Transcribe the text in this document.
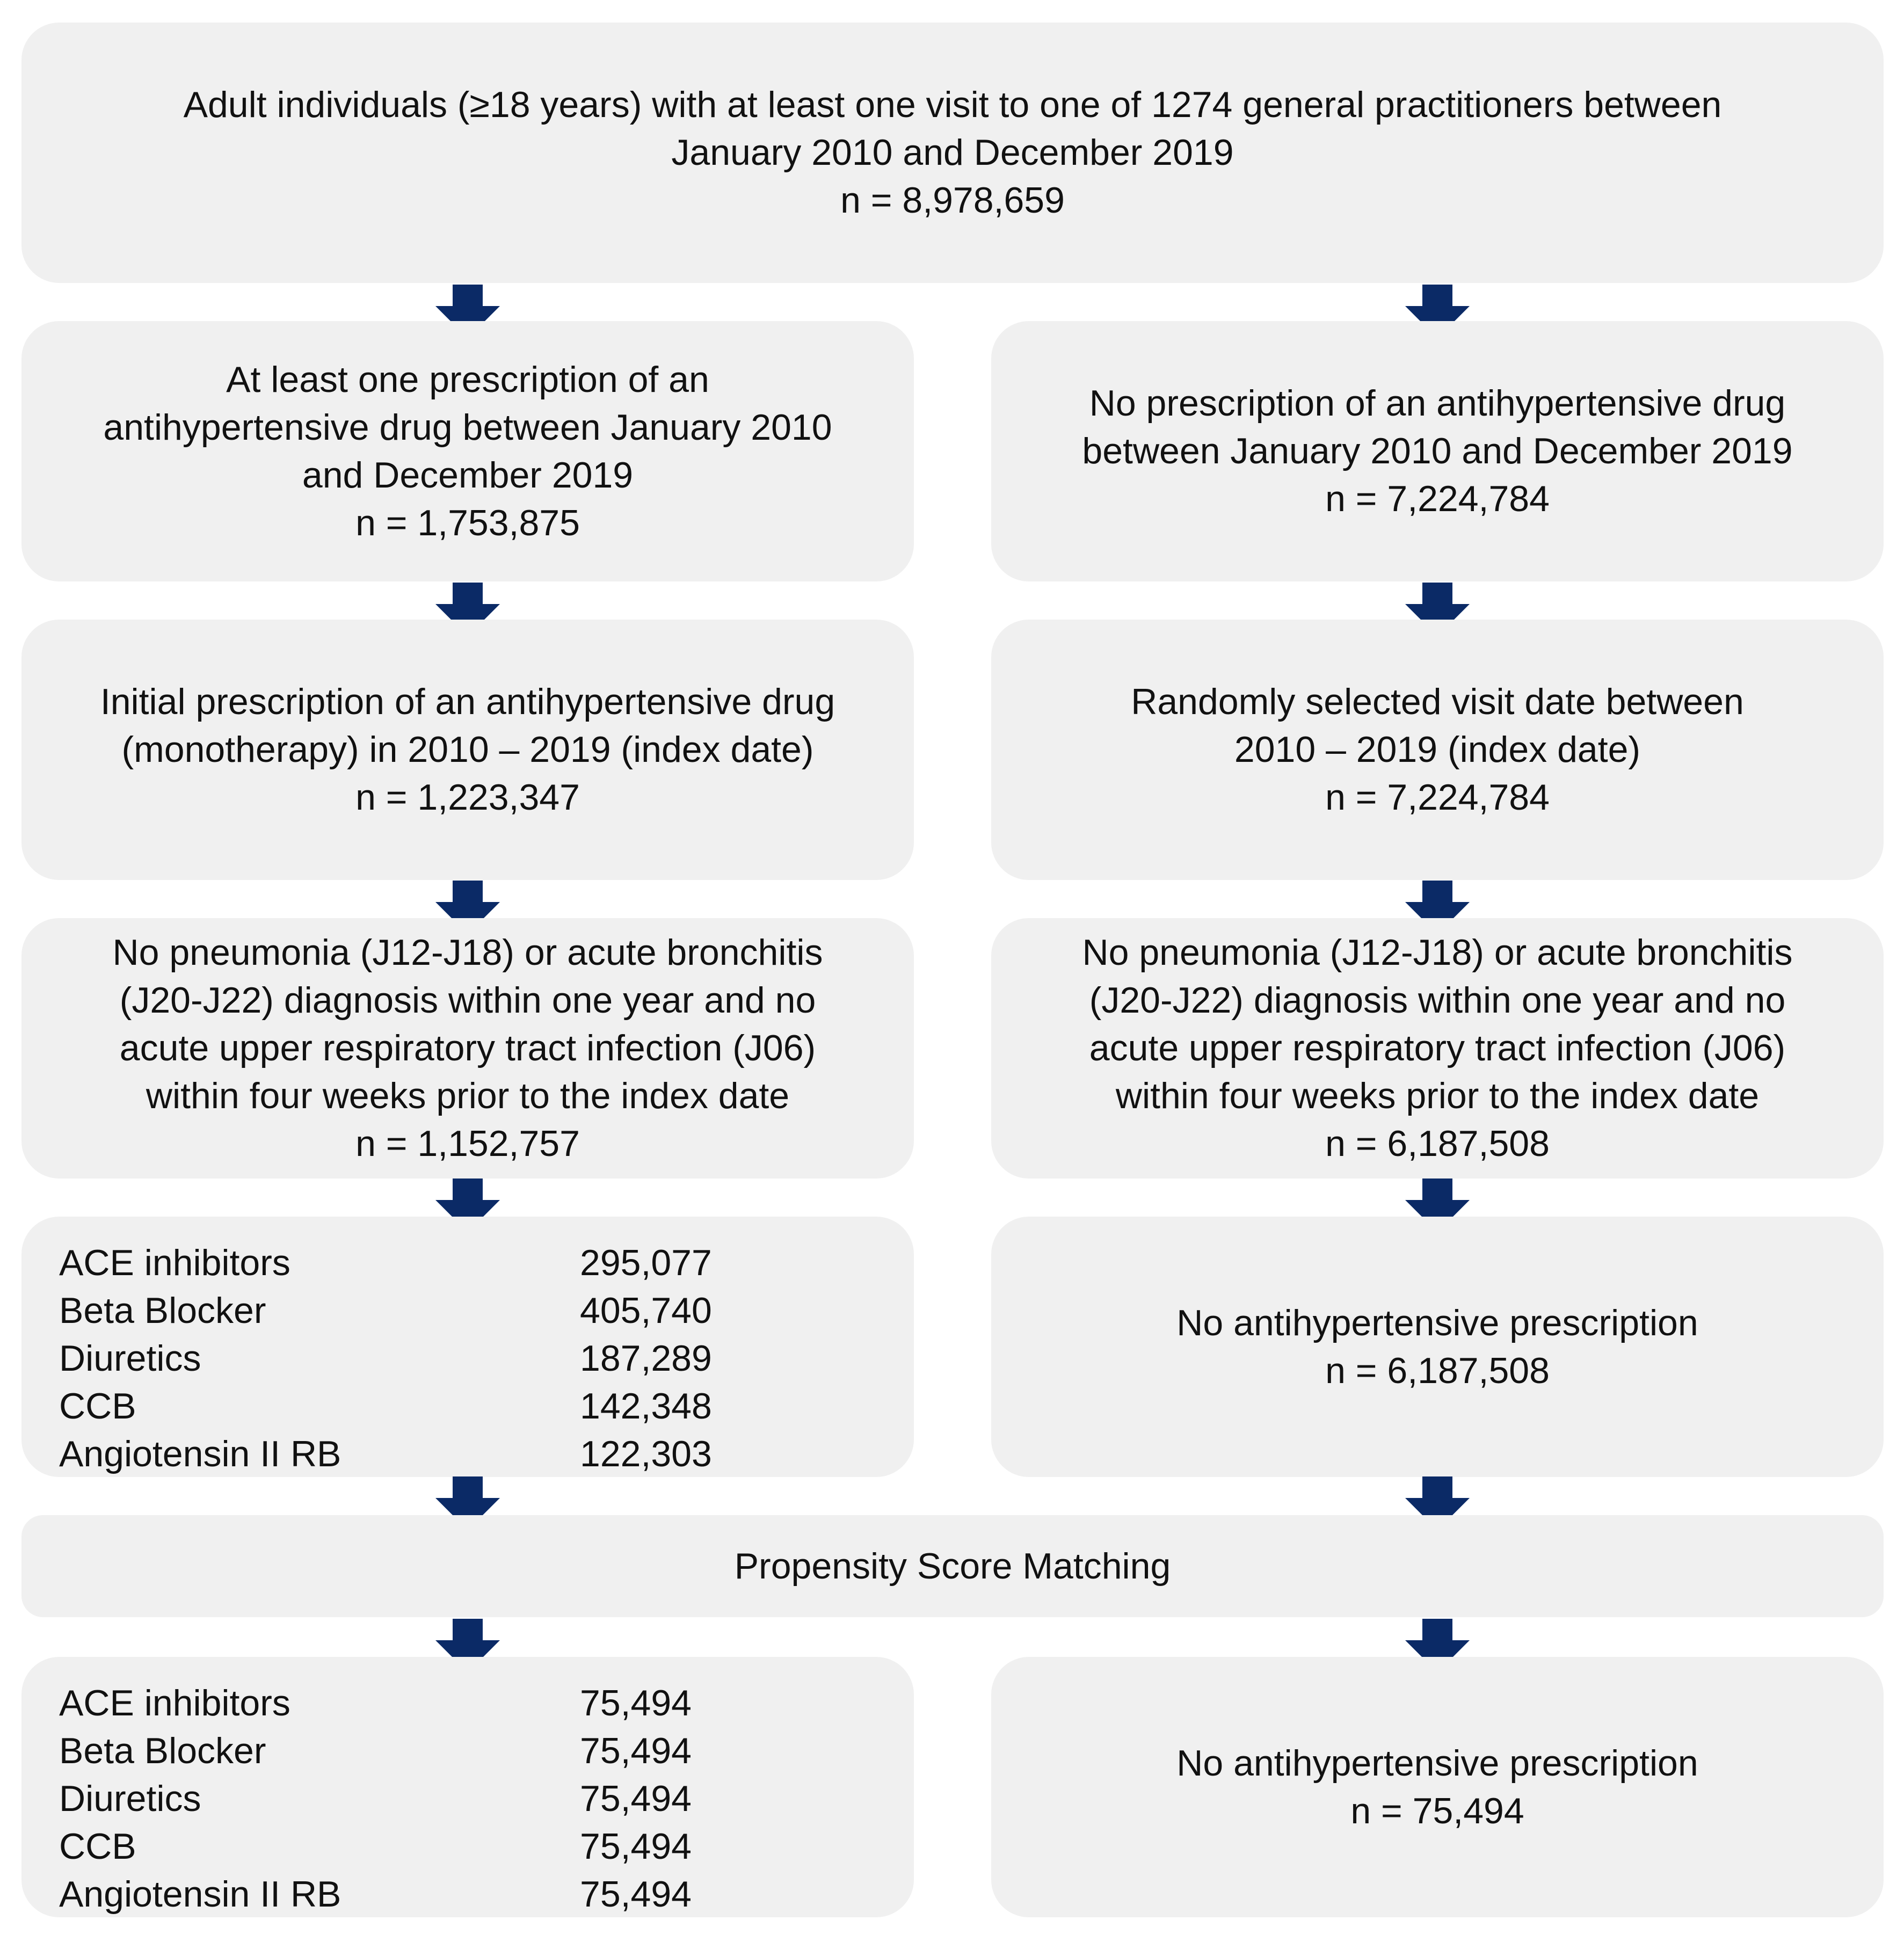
Adult individuals (≥18 years) with at least one visit to one of 1274 general practitioners between
January 2010 and December 2019
n = 8,978,659
At least one prescription of an
antihypertensive drug between January 2010
and December 2019
n = 1,753,875
No prescription of an antihypertensive drug
between January 2010 and December 2019
n = 7,224,784
Initial prescription of an antihypertensive drug
(monotherapy) in 2010 – 2019 (index date)
n = 1,223,347
Randomly selected visit date between
2010 – 2019 (index date)
n = 7,224,784
No pneumonia (J12-J18) or acute bronchitis
(J20-J22) diagnosis within one year and no
acute upper respiratory tract infection (J06)
within four weeks prior to the index date
n = 1,152,757
No pneumonia (J12-J18) or acute bronchitis
(J20-J22) diagnosis within one year and no
acute upper respiratory tract infection (J06)
within four weeks prior to the index date
n = 6,187,508
ACE inhibitors	295,077
Beta Blocker	405,740
Diuretics	187,289
CCB	142,348
Angiotensin II RB	122,303
No antihypertensive prescription
n = 6,187,508
Propensity Score Matching
ACE inhibitors	75,494
Beta Blocker	75,494
Diuretics	75,494
CCB	75,494
Angiotensin II RB	75,494
No antihypertensive prescription
n = 75,494
